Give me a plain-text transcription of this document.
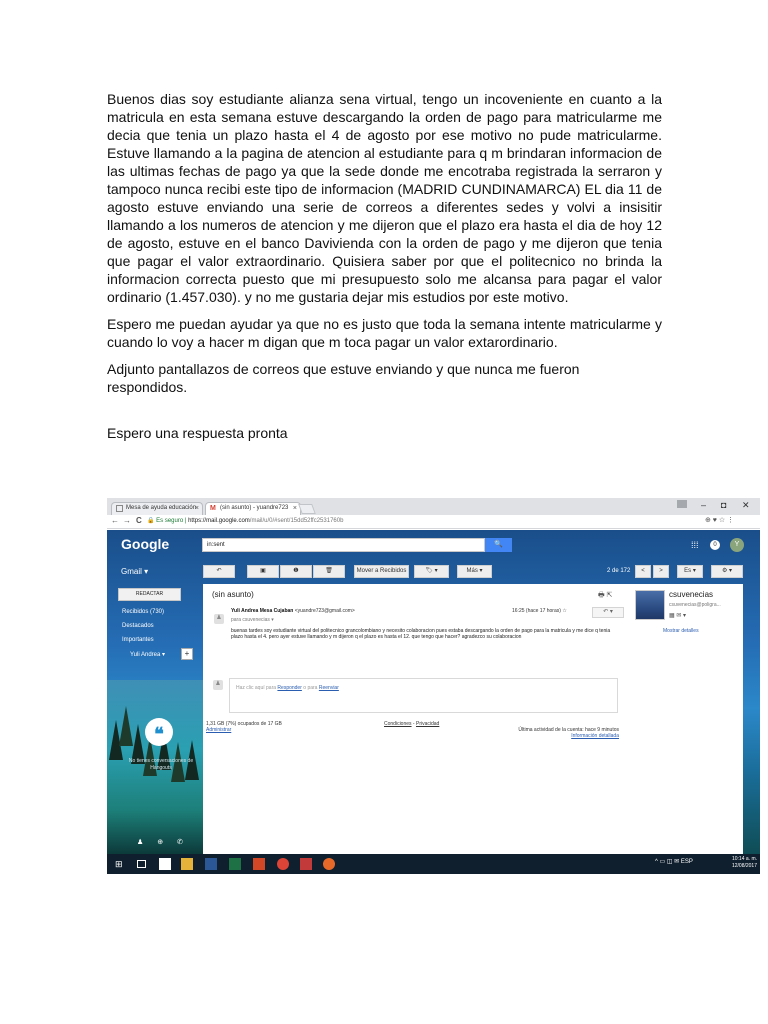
Buenos dias soy estudiante alianza sena virtual, tengo un incoveniente en cuanto a la matricula en esta semana estuve descargando la orden de pago para matricularme me decia que tenia un plazo hasta el 4 de agosto por ese motivo no pude matricularme. Estuve llamando a la pagina de atencion al estudiante para q m brindaran informacion de las ultimas fechas de pago ya que la sede donde me encotraba registrada la serraron y tampoco nunca recibi este tipo de informacion (MADRID CUNDINAMARCA) EL dia 11 de agosto estuve enviando una serie de correos a diferentes sedes y volvi a insisitir llamando a los numeros de atencion y me dijeron que el plazo era hasta el dia de hoy 12 de agosto, estuve en el banco Davivienda con la orden de pago y me dijeron que tenia que pagar el valor extraordinario. Quisiera saber por que el politecnico no brinda la informacion correcta puesto que mi presupuesto solo me alcansa para pagar el valor ordinario (1.457.030). y no me gustaria dejar mis estudios por este motivo.

Espero me puedan ayudar ya que no es justo que toda la semana intente matricularme y cuando lo voy a hacer m digan que m toca pagar un valor extarordinario.

Adjunto pantallazos de correos que estuve enviando y que nunca me fueron respondidos.

Espero una respuesta pronta

Mesa de ayuda educación
× M (sin asunto) - yuandre723 ×	– ◘ ✕
← → C 🔒 Es seguro | https://mail.google.com/mail/u/0/#sent/15dd52ffc2531760b	⊕ ♥ ☆ ⋮
Google	in:sent	🔍	⁞⁞⁞	0	Y
Gmail ▾	↶	▣	❶	🗑	Mover a Recibidos	🏷 ▾	Más ▾	2 de 172	<	>	Es ▾	⚙ ▾
REDACTAR
Recibidos (730)
Destacados
Importantes
Yuli Andrea ▾	+
❝
No tienes conversaciones de Hangouts
♟ ⊕ ✆
(sin asunto)	🖶 ⇱
♟
Yuli Andrea Mesa Cujaban <yuandre723@gmail.com>
para csuvenecias ▾
16:25 (hace 17 horas) ☆	↶ ▾
buenas tardes soy estudiante virtual del politecnico grancolombiano y necesito colaboracion pues estaba descargando la orden de pago para la matricula y me dice q tenia plazo hasta el 4. pero ayer estuve llamando y m dijeron q el plazo es hasta el 12. que tengo que hacer? agradezco su colaboracion
♟
Haz clic aquí para Responder o para Reenviar
1,31 GB (7%) ocupados de 17 GB
Administrar
Condiciones - Privacidad
Última actividad de la cuenta: hace 9 minutos
Información detallada
csuvenecias
csuvenecias@poligra...
▦ ✉ ▾
Mostrar detalles
⊞	^ ▭ ◫ ✉ ESP	10:14 a. m.
12/08/2017
